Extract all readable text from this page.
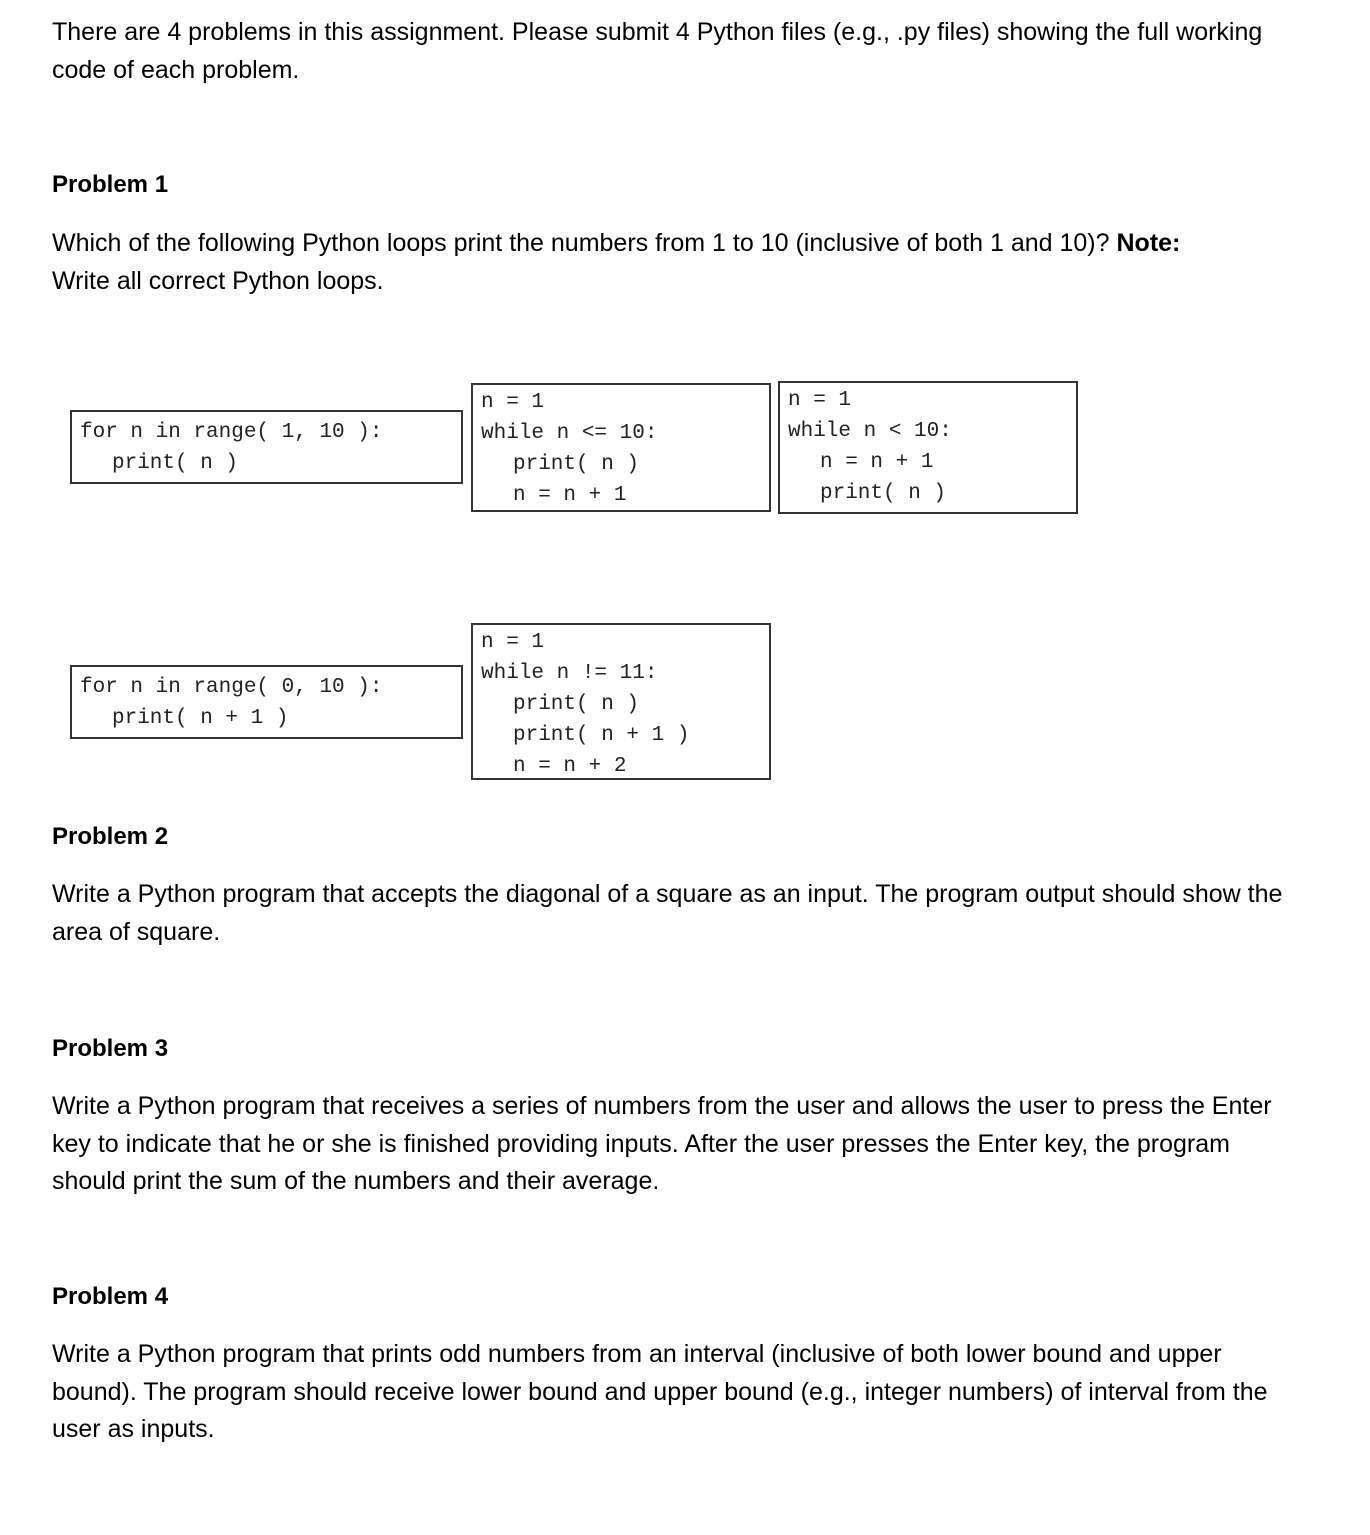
There are 4 problems in this assignment. Please submit 4 Python files (e.g., .py files) showing the full working code of each problem.

Problem 1

Which of the following Python loops print the numbers from 1 to 10 (inclusive of both 1 and 10)? Note:
Write all correct Python loops.

for n in range( 1, 10 ):
print( n )
n = 1
while n <= 10:
print( n )
n = n + 1
n = 1
while n < 10:
n = n + 1
print( n )
for n in range( 0, 10 ):
print( n + 1 )
n = 1
while n != 11:
print( n )
print( n + 1 )
n = n + 2
Problem 2

Write a Python program that accepts the diagonal of a square as an input. The program output should show the area of square.

Problem 3

Write a Python program that receives a series of numbers from the user and allows the user to press the Enter key to indicate that he or she is finished providing inputs. After the user presses the Enter key, the program should print the sum of the numbers and their average.

Problem 4

Write a Python program that prints odd numbers from an interval (inclusive of both lower bound and upper bound). The program should receive lower bound and upper bound (e.g., integer numbers) of interval from the user as inputs.
